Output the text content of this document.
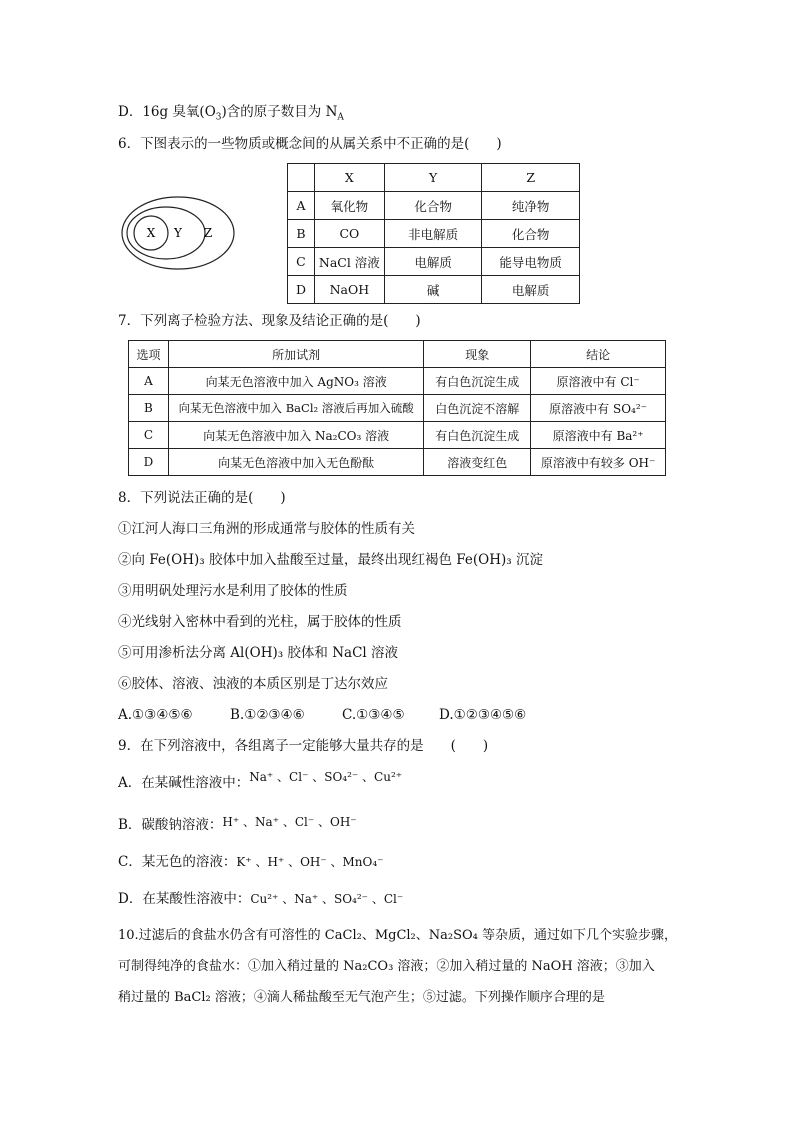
D．16g 臭氧$(O_3)$含的原子数目为 $N_A$
6．下图表示的一些物质或概念间的从属关系中不正确的是(　　)
X Y Z
	X	Y	Z
A	氧化物	化合物	纯净物
B	CO	非电解质	化合物
C	NaCl 溶液	电解质	能导电物质
D	NaOH	碱	电解质
7．下列离子检验方法、现象及结论正确的是(　　)
选项	所加试剂	现象	结论
A	向某无色溶液中加入 AgNO₃ 溶液	有白色沉淀生成	原溶液中有 Cl⁻
B	向某无色溶液中加入 BaCl₂ 溶液后再加入硫酸	白色沉淀不溶解	原溶液中有 SO₄²⁻
C	向某无色溶液中加入 Na₂CO₃ 溶液	有白色沉淀生成	原溶液中有 Ba²⁺
D	向某无色溶液中加入无色酚酞	溶液变红色	原溶液中有较多 OH⁻
8．下列说法正确的是(　　)
①江河人海口三角洲的形成通常与胶体的性质有关
②向 Fe(OH)₃ 胶体中加入盐酸至过量，最终出现红褐色 Fe(OH)₃ 沉淀
③用明矾处理污水是利用了胶体的性质
④光线射入密林中看到的光柱，属于胶体的性质
⑤可用渗析法分离 Al(OH)₃ 胶体和 NaCl 溶液
⑥胶体、溶液、浊液的本质区别是丁达尔效应
A.①③④⑤⑥	B.①②③④⑥	C.①③④⑤	D.①②③④⑤⑥
9．在下列溶液中，各组离子一定能够大量共存的是　　(　　)
A．在某碱性溶液中：Na⁺ 、Cl⁻ 、SO₄²⁻ 、Cu²⁺
B．碳酸钠溶液：H⁺ 、Na⁺ 、Cl⁻ 、OH⁻
C．某无色的溶液：K⁺ 、H⁺ 、OH⁻ 、MnO₄⁻
D．在某酸性溶液中：Cu²⁺ 、Na⁺ 、SO₄²⁻ 、Cl⁻
10.过滤后的食盐水仍含有可溶性的 CaCl₂、MgCl₂、Na₂SO₄ 等杂质，通过如下几个实验步骤，
可制得纯净的食盐水：①加入稍过量的 Na₂CO₃ 溶液；②加入稍过量的 NaOH 溶液；③加入
稍过量的 BaCl₂ 溶液；④滴人稀盐酸至无气泡产生；⑤过滤。下列操作顺序合理的是
